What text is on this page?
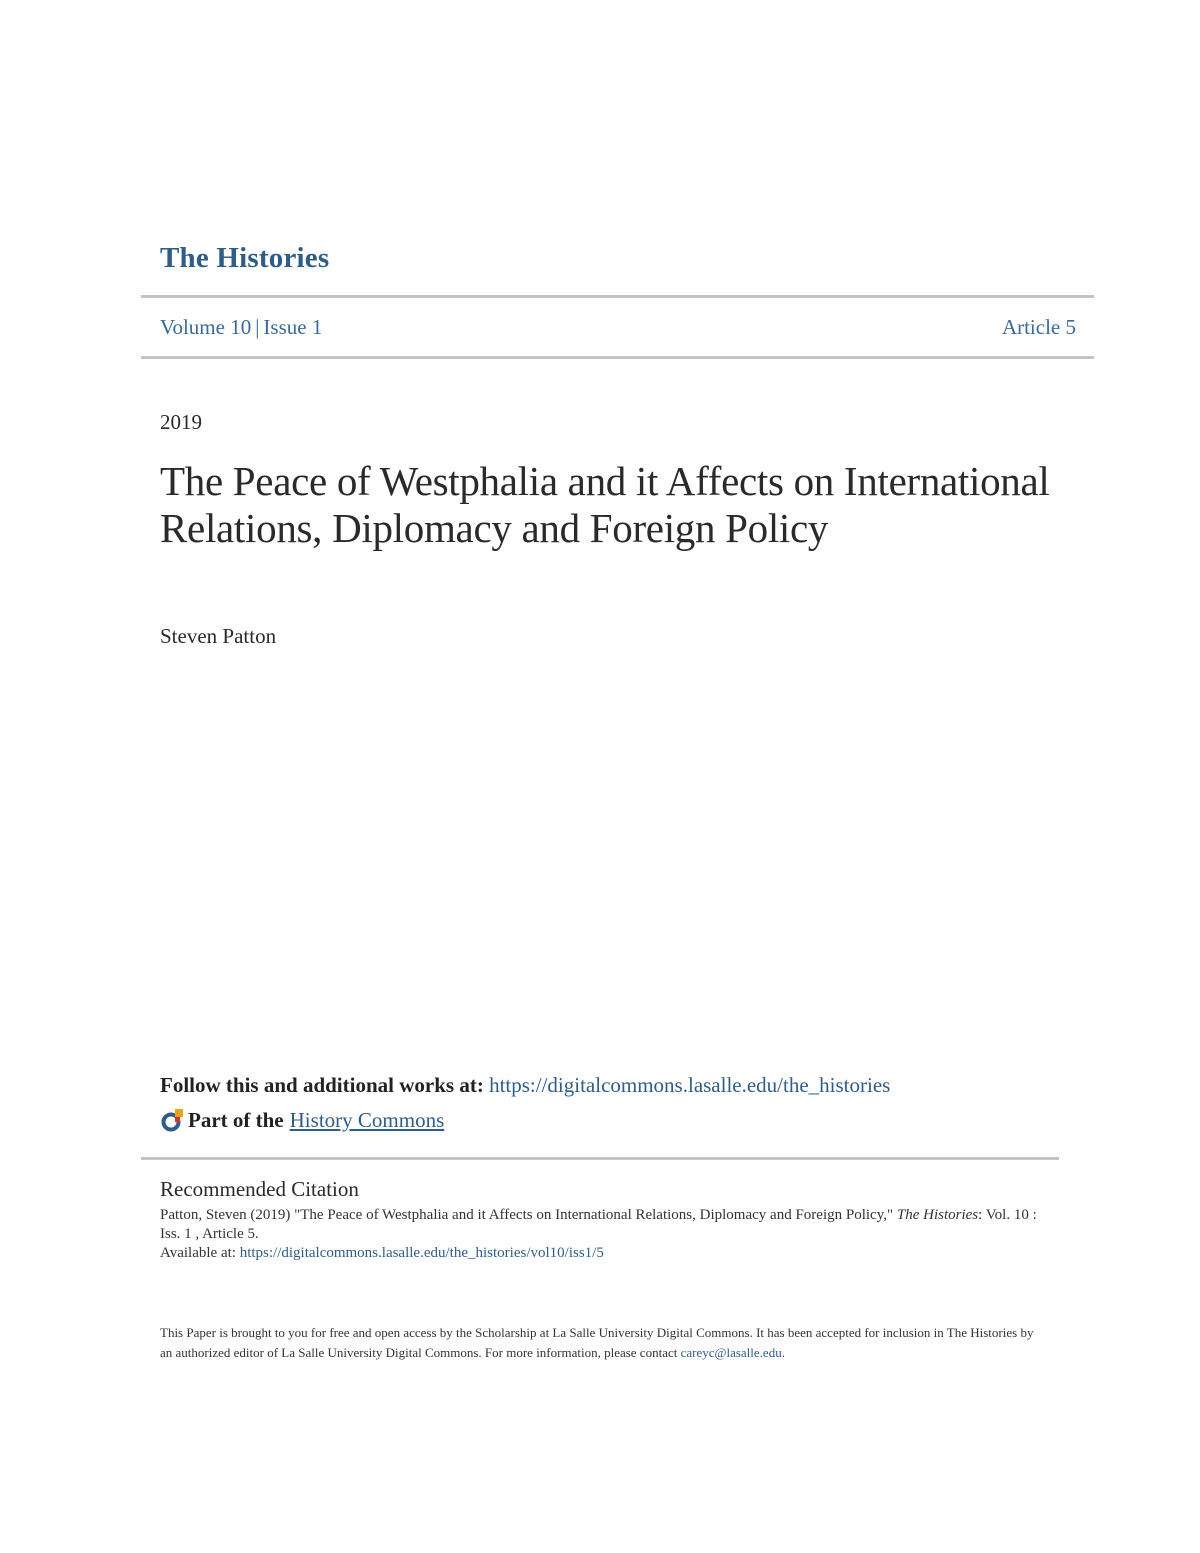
The Histories
Volume 10 | Issue 1	Article 5
2019
The Peace of Westphalia and it Affects on International Relations, Diplomacy and Foreign Policy
Steven Patton
Follow this and additional works at: https://digitalcommons.lasalle.edu/the_histories
Part of the History Commons
Recommended Citation
Patton, Steven (2019) "The Peace of Westphalia and it Affects on International Relations, Diplomacy and Foreign Policy," The Histories: Vol. 10 : Iss. 1 , Article 5.
Available at: https://digitalcommons.lasalle.edu/the_histories/vol10/iss1/5
This Paper is brought to you for free and open access by the Scholarship at La Salle University Digital Commons. It has been accepted for inclusion in The Histories by an authorized editor of La Salle University Digital Commons. For more information, please contact careyc@lasalle.edu.
